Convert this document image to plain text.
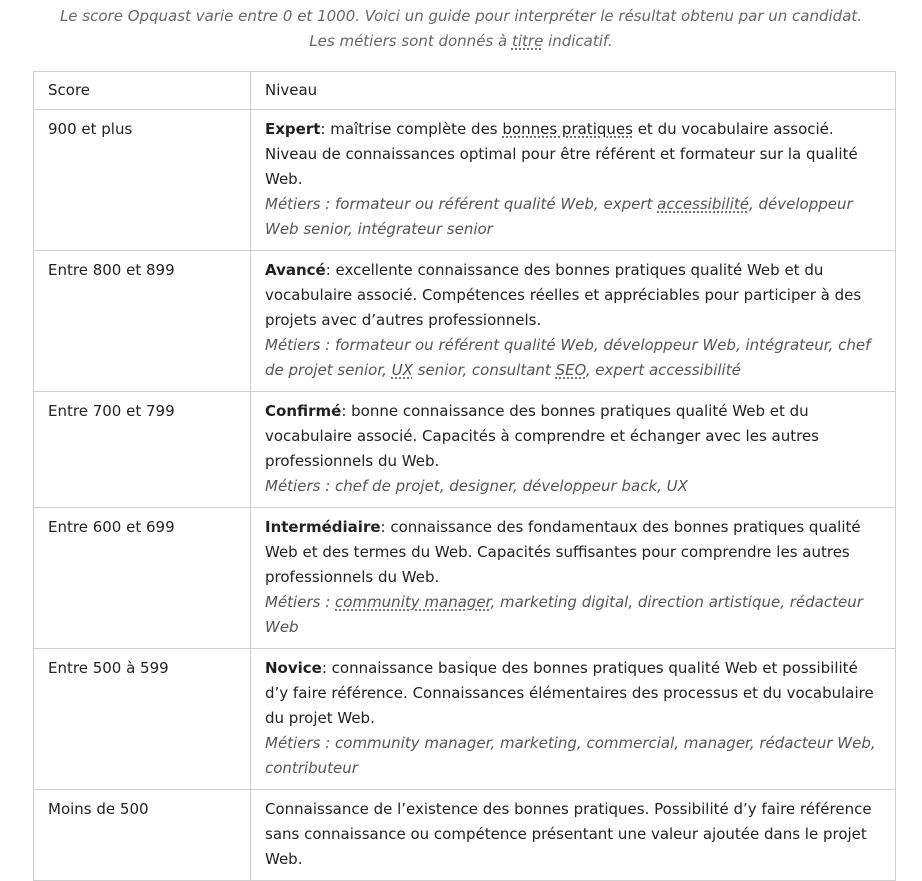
Le score Opquast varie entre 0 et 1000. Voici un guide pour interpréter le résultat obtenu par un candidat.
Les métiers sont donnés à titre indicatif.
Score	Niveau
900 et plus	Expert: maîtrise complète des bonnes pratiques et du vocabulaire associé. Niveau de connaissances optimal pour être référent et formateur sur la qualité Web.
Métiers : formateur ou référent qualité Web, expert accessibilité, développeur Web senior, intégrateur senior

Entre 800 et 899	Avancé: excellente connaissance des bonnes pratiques qualité Web et du vocabulaire associé. Compétences réelles et appréciables pour participer à des projets avec d’autres professionnels.
Métiers : formateur ou référent qualité Web, développeur Web, intégrateur, chef de projet senior, UX senior, consultant SEO, expert accessibilité

Entre 700 et 799	Confirmé: bonne connaissance des bonnes pratiques qualité Web et du vocabulaire associé. Capacités à comprendre et échanger avec les autres professionnels du Web.
Métiers : chef de projet, designer, développeur back, UX

Entre 600 et 699	Intermédiaire: connaissance des fondamentaux des bonnes pratiques qualité Web et des termes du Web. Capacités suffisantes pour comprendre les autres professionnels du Web.
Métiers : community manager, marketing digital, direction artistique, rédacteur Web

Entre 500 à 599	Novice: connaissance basique des bonnes pratiques qualité Web et possibilité d’y faire référence. Connaissances élémentaires des processus et du vocabulaire du projet Web.
Métiers : community manager, marketing, commercial, manager, rédacteur Web, contributeur

Moins de 500	Connaissance de l’existence des bonnes pratiques. Possibilité d’y faire référence sans connaissance ou compétence présentant une valeur ajoutée dans le projet Web.
